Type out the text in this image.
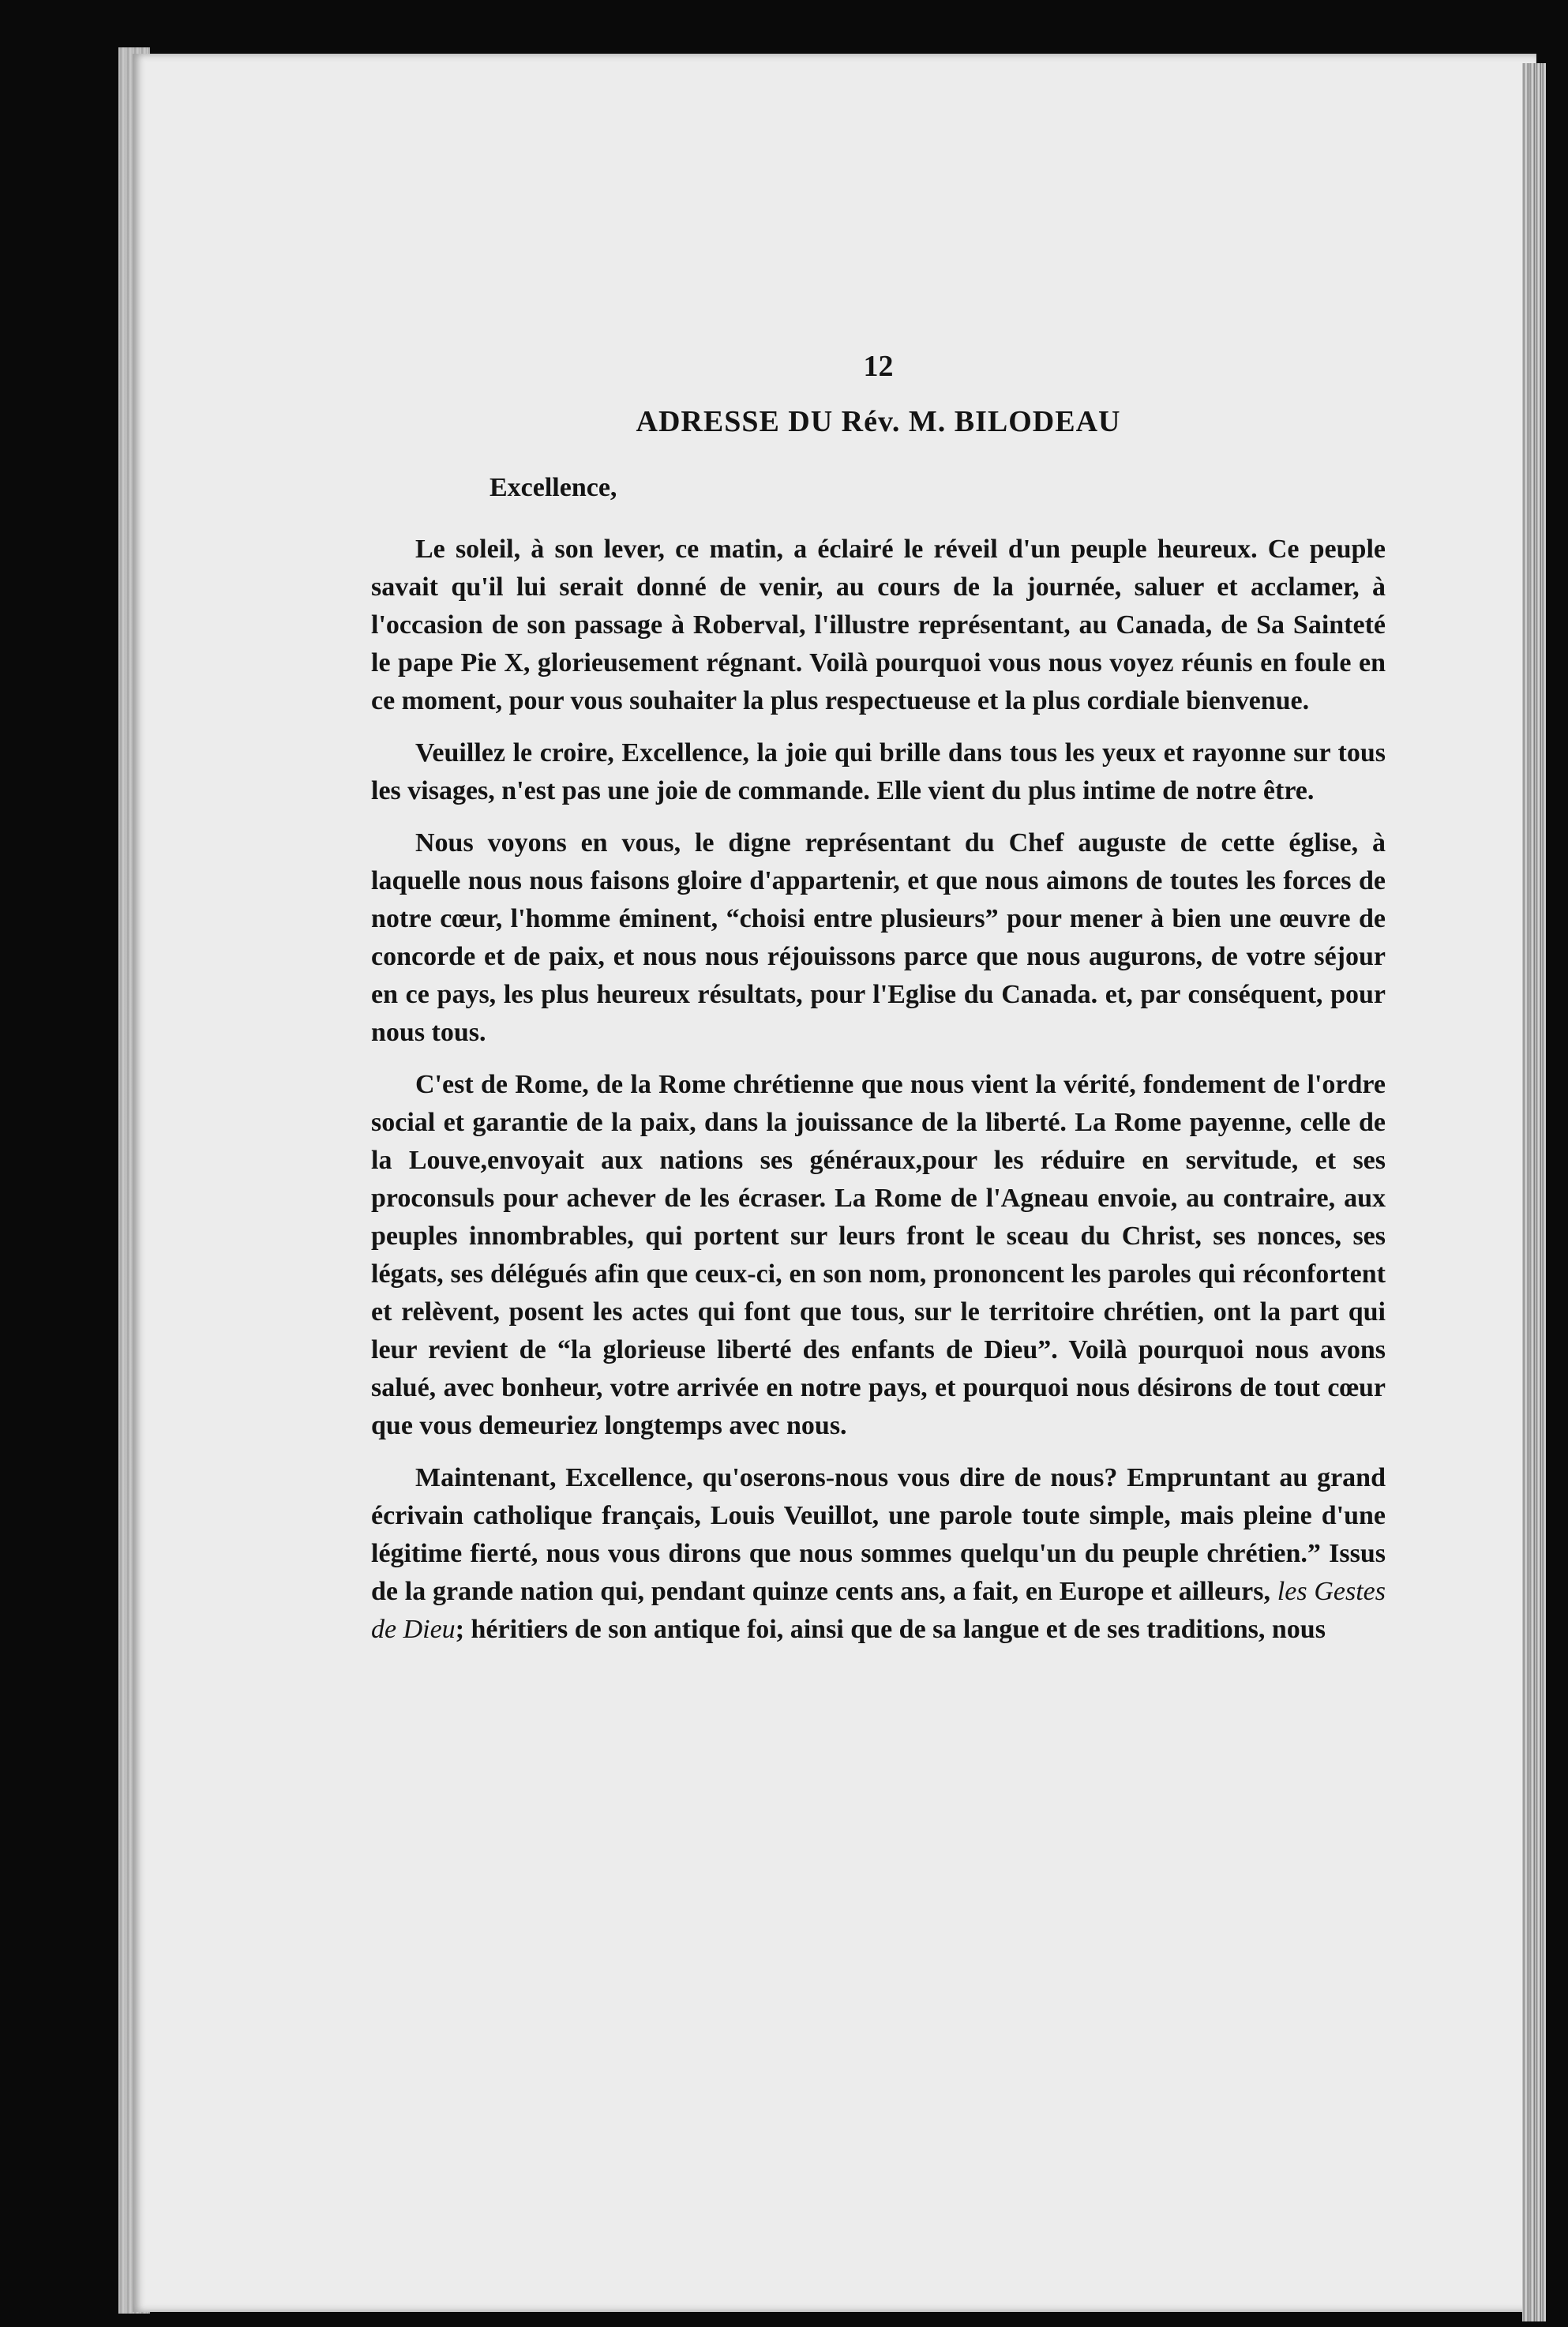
12
ADRESSE DU Rév. M. BILODEAU
Excellence,

Le soleil, à son lever, ce matin, a éclairé le réveil d'un peuple heureux. Ce peuple savait qu'il lui serait donné de venir, au cours de la journée, saluer et acclamer, à l'occasion de son passage à Roberval, l'illustre représentant, au Canada, de Sa Sainteté le pape Pie X, glorieusement régnant. Voilà pourquoi vous nous voyez réunis en foule en ce moment, pour vous souhaiter la plus respectueuse et la plus cordiale bienvenue.

Veuillez le croire, Excellence, la joie qui brille dans tous les yeux et rayonne sur tous les visages, n'est pas une joie de commande. Elle vient du plus intime de notre être.

Nous voyons en vous, le digne représentant du Chef auguste de cette église, à laquelle nous nous faisons gloire d'appartenir, et que nous aimons de toutes les forces de notre cœur, l'homme éminent, “choisi entre plusieurs” pour mener à bien une œuvre de concorde et de paix, et nous nous réjouissons parce que nous augurons, de votre séjour en ce pays, les plus heureux résultats, pour l'Eglise du Canada. et, par conséquent, pour nous tous.

C'est de Rome, de la Rome chrétienne que nous vient la vérité, fondement de l'ordre social et garantie de la paix, dans la jouissance de la liberté. La Rome payenne, celle de la Louve,envoyait aux nations ses généraux,pour les réduire en servitude, et ses proconsuls pour achever de les écraser. La Rome de l'Agneau envoie, au contraire, aux peuples innombrables, qui portent sur leurs front le sceau du Christ, ses nonces, ses légats, ses délégués afin que ceux-ci, en son nom, prononcent les paroles qui réconfortent et relèvent, posent les actes qui font que tous, sur le territoire chrétien, ont la part qui leur revient de “la glorieuse liberté des enfants de Dieu”. Voilà pourquoi nous avons salué, avec bonheur, votre arrivée en notre pays, et pourquoi nous désirons de tout cœur que vous demeuriez longtemps avec nous.

Maintenant, Excellence, qu'oserons-nous vous dire de nous? Empruntant au grand écrivain catholique français, Louis Veuillot, une parole toute simple, mais pleine d'une légitime fierté, nous vous dirons que nous sommes quelqu'un du peuple chrétien.” Issus de la grande nation qui, pendant quinze cents ans, a fait, en Europe et ailleurs, les Gestes de Dieu; héritiers de son antique foi, ainsi que de sa langue et de ses traditions, nous
